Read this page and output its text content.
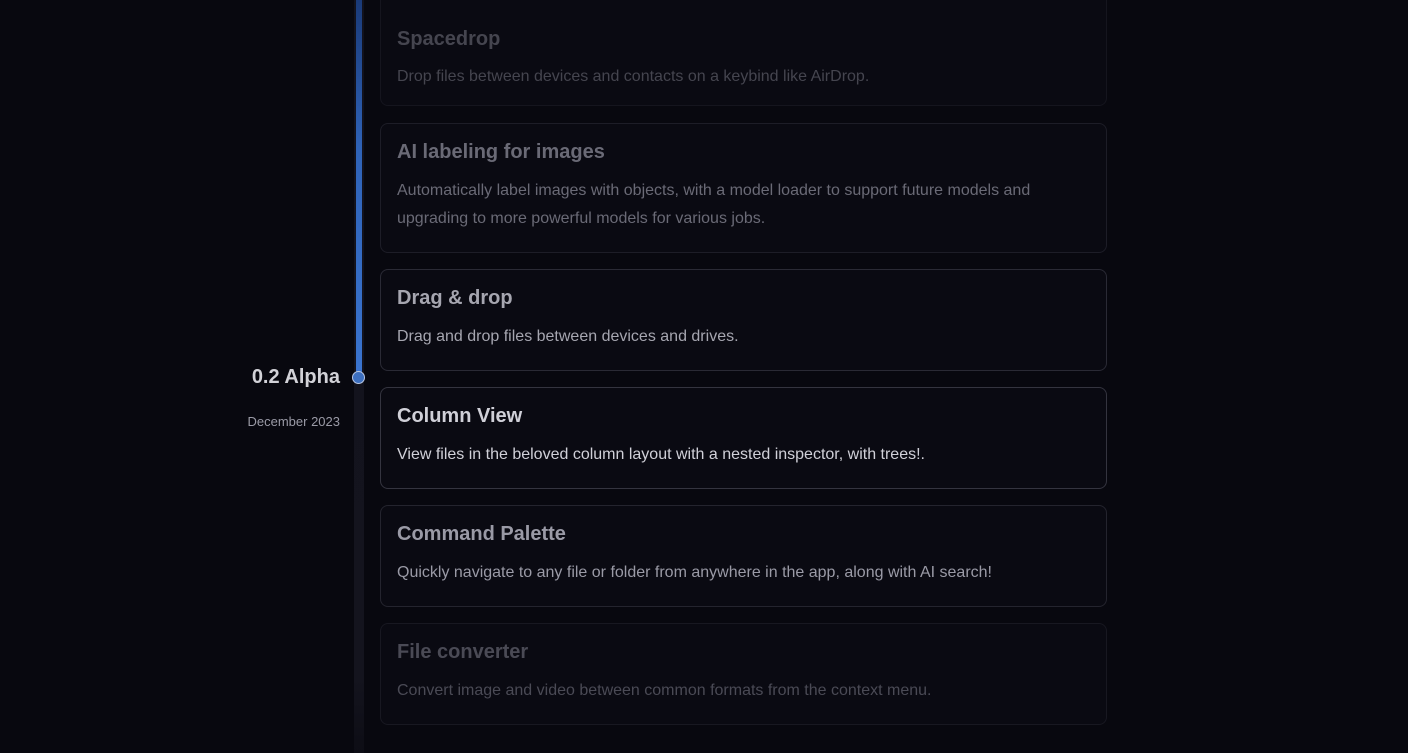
0.2 Alpha
December 2023
Spacedrop

Drop files between devices and contacts on a keybind like AirDrop.

AI labeling for images

Automatically label images with objects, with a model loader to support future models and upgrading to more powerful models for various jobs.

Drag & drop

Drag and drop files between devices and drives.

Column View

View files in the beloved column layout with a nested inspector, with trees!.

Command Palette

Quickly navigate to any file or folder from anywhere in the app, along with AI search!

File converter

Convert image and video between common formats from the context menu.
